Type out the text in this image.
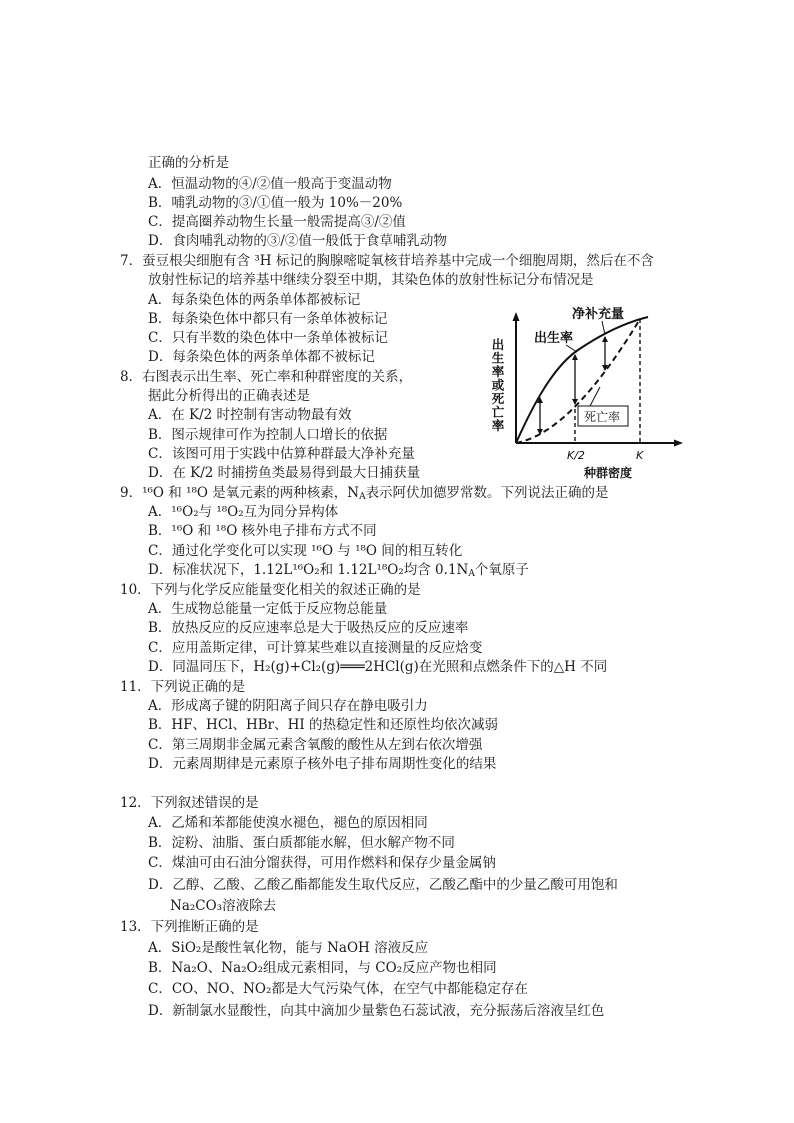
正确的分析是
A．恒温动物的④/②值一般高于变温动物
B．哺乳动物的③/①值一般为 10%－20%
C．提高圈养动物生长量一般需提高③/②值
D．食肉哺乳动物的③/②值一般低于食草哺乳动物
7．蚕豆根尖细胞有含 ³H 标记的胸腺嘧啶氧核苷培养基中完成一个细胞周期，然后在不含
放射性标记的培养基中继续分裂至中期，其染色体的放射性标记分布情况是
A．每条染色体的两条单体都被标记
B．每条染色体中都只有一条单体被标记
C．只有半数的染色体中一条单体被标记
D．每条染色体的两条单体都不被标记
8．右图表示出生率、死亡率和种群密度的关系，
据此分析得出的正确表述是
A．在 K/2 时控制有害动物最有效
B．图示规律可作为控制人口增长的依据
C．该图可用于实践中估算种群最大净补充量
D．在 K/2 时捕捞鱼类最易得到最大日捕获量
出生率或死亡率
净补充量
出生率
死亡率
K/2	K
种群密度
9．¹⁶O 和 ¹⁸O 是氧元素的两种核素，$N_A$表示阿伏加德罗常数。下列说法正确的是
A．¹⁶O₂与 ¹⁸O₂互为同分异构体
B．¹⁶O 和 ¹⁸O 核外电子排布方式不同
C．通过化学变化可以实现 ¹⁶O 与 ¹⁸O 间的相互转化
D．标准状况下，1.12L¹⁶O₂和 1.12L¹⁸O₂均含 $0.1N_A$个氧原子
10．下列与化学反应能量变化相关的叙述正确的是
A．生成物总能量一定低于反应物总能量
B．放热反应的反应速率总是大于吸热反应的反应速率
C．应用盖斯定律，可计算某些难以直接测量的反应焓变
D．同温同压下，H₂(g)+Cl₂(g)═══2HCl(g)在光照和点燃条件下的△H 不同
11．下列说正确的是
A．形成离子键的阴阳离子间只存在静电吸引力
B．HF、HCl、HBr、HI 的热稳定性和还原性均依次减弱
C．第三周期非金属元素含氧酸的酸性从左到右依次增强
D．元素周期律是元素原子核外电子排布周期性变化的结果
12．下列叙述错误的是
A．乙烯和苯都能使溴水褪色，褪色的原因相同
B．淀粉、油脂、蛋白质都能水解，但水解产物不同
C．煤油可由石油分馏获得，可用作燃料和保存少量金属钠
D．乙醇、乙酸、乙酸乙酯都能发生取代反应，乙酸乙酯中的少量乙酸可用饱和
Na₂CO₃溶液除去
13．下列推断正确的是
A．SiO₂是酸性氧化物，能与 NaOH 溶液反应
B．Na₂O、Na₂O₂组成元素相同，与 CO₂反应产物也相同
C．CO、NO、NO₂都是大气污染气体，在空气中都能稳定存在
D．新制氯水显酸性，向其中滴加少量紫色石蕊试液，充分振荡后溶液呈红色
